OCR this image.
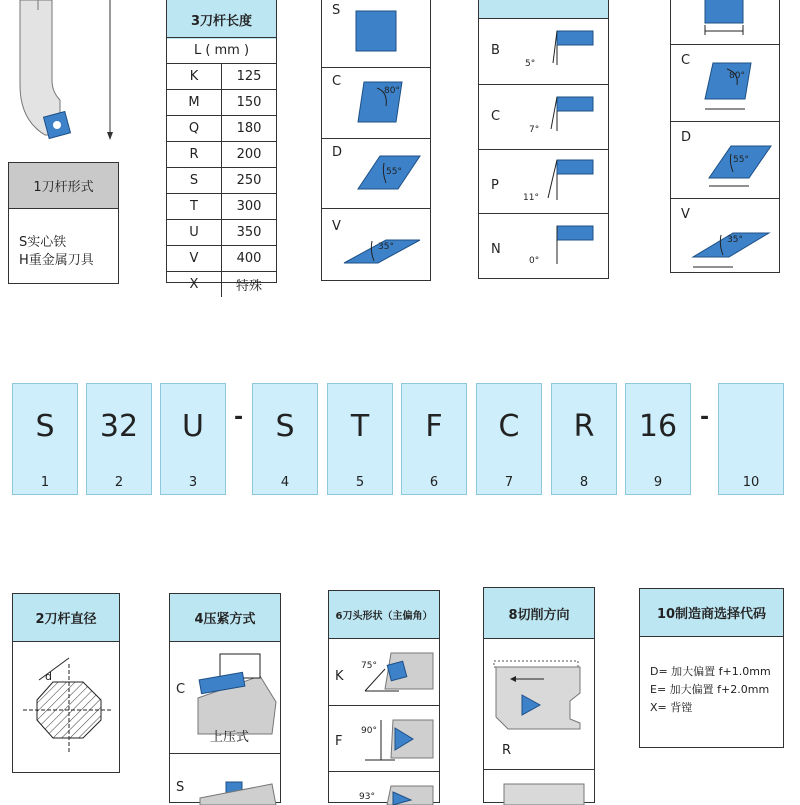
1刀杆形式
S实心铁
H重金属刀具
3刀杆长度
L ( mm )	
K	125
M	150
Q	180
R	200
S	250
T	300
U	350
V	400
X	特殊
S
C
80°
D
55°
V
35°
B
5°
C
7°
P
11°
N
0°
C
80°
D
55°
V
35°
S
1
32
2
U
3
-	S
4
T
5
F
6
C
7
R
8
16
9
-
10
2刀杆直径
d
4压紧方式
C
上压式
S
6刀头形状（主偏角）
K
75°
F
90°
93°
8切削方向
R
10制造商选择代码
D= 加大偏置 f+1.0mm
E= 加大偏置 f+2.0mm
X= 背镗
